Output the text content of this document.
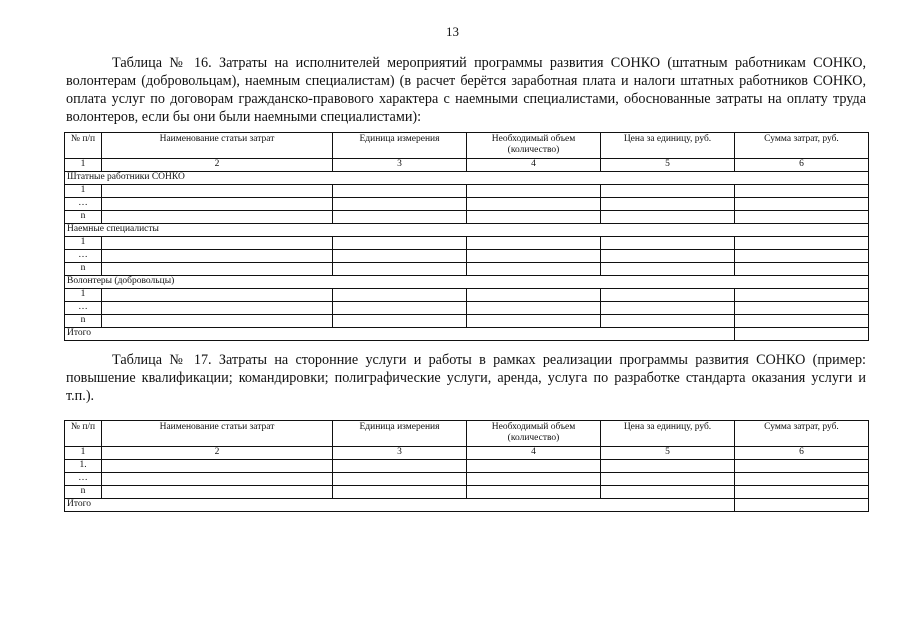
13

Таблица № 16. Затраты на исполнителей мероприятий программы развития СОНКО (штатным работникам СОНКО, волонтерам (добровольцам), наемным специалистам) (в расчет берётся заработная плата и налоги штатных работников СОНКО, оплата услуг по договорам гражданско-правового характера с наемными специалистами, обоснованные затраты на оплату труда волонтеров, если бы они были наемными специалистами):

№ п/п	Наименование статьи затрат	Единица измерения	Необходимый объем (количество)	Цена за единицу, руб.	Сумма затрат, руб.
1	2	3	4	5	6
Штатные работники СОНКО					
1					
…					
n					
Наемные специалисты					
1					
…					
n					
Волонтеры (добровольцы)					
1					
…					
n					
Итого					

Таблица № 17. Затраты на сторонние услуги и работы в рамках реализации программы развития СОНКО (пример: повышение квалификации; командировки; полиграфические услуги, аренда, услуга по разработке стандарта оказания услуги и т.п.).

№ п/п	Наименование статьи затрат	Единица измерения	Необходимый объем (количество)	Цена за единицу, руб.	Сумма затрат, руб.
1	2	3	4	5	6
1.					
…					
n					
Итого					
